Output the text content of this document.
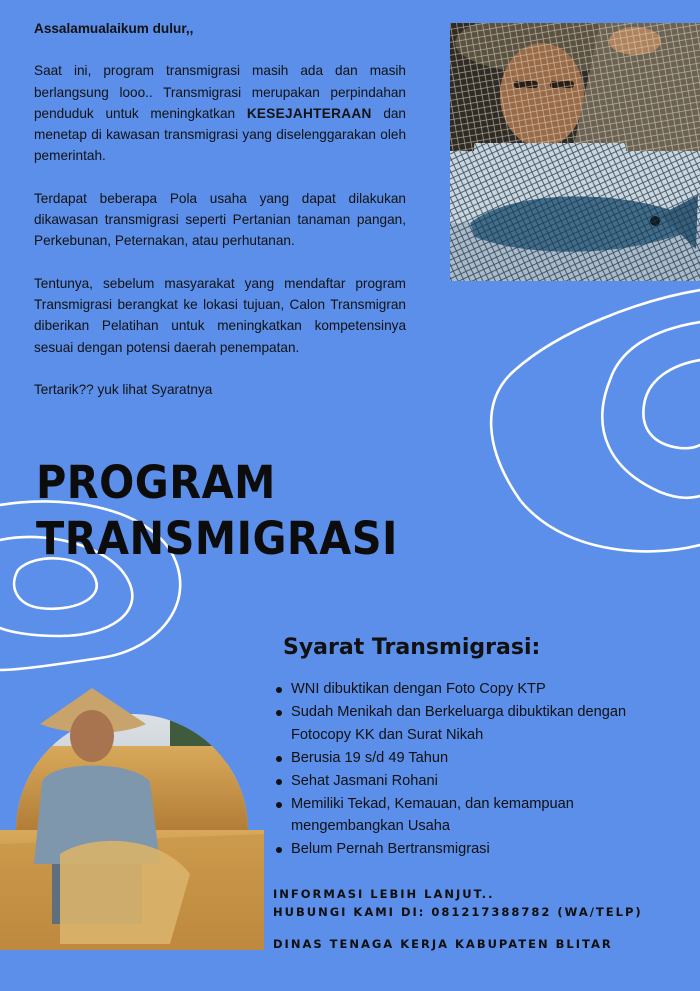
Assalamualaikum dulur,,

Saat ini, program transmigrasi masih ada dan masih berlangsung looo.. Transmigrasi merupakan perpindahan penduduk untuk meningkatkan KESEJAHTERAAN dan menetap di kawasan transmigrasi yang diselenggarakan oleh pemerintah.

Terdapat beberapa Pola usaha yang dapat dilakukan dikawasan transmigrasi seperti Pertanian tanaman pangan, Perkebunan, Peternakan, atau perhutanan.

Tentunya, sebelum masyarakat yang mendaftar program Transmigrasi berangkat ke lokasi tujuan, Calon Transmigran diberikan Pelatihan untuk meningkatkan kompetensinya sesuai dengan potensi daerah penempatan.

Tertarik?? yuk lihat Syaratnya

PROGRAM
TRANSMIGRASI
Syarat Transmigrasi:
WNI dibuktikan dengan Foto Copy KTP
Sudah Menikah dan Berkeluarga dibuktikan dengan Fotocopy KK dan Surat Nikah
Berusia 19 s/d 49 Tahun
Sehat Jasmani Rohani
Memiliki Tekad, Kemauan, dan kemampuan mengembangkan Usaha
Belum Pernah Bertransmigrasi
INFORMASI LEBIH LANJUT..
HUBUNGI KAMI DI: 081217388782 (WA/TELP)
DINAS TENAGA KERJA KABUPATEN BLITAR
